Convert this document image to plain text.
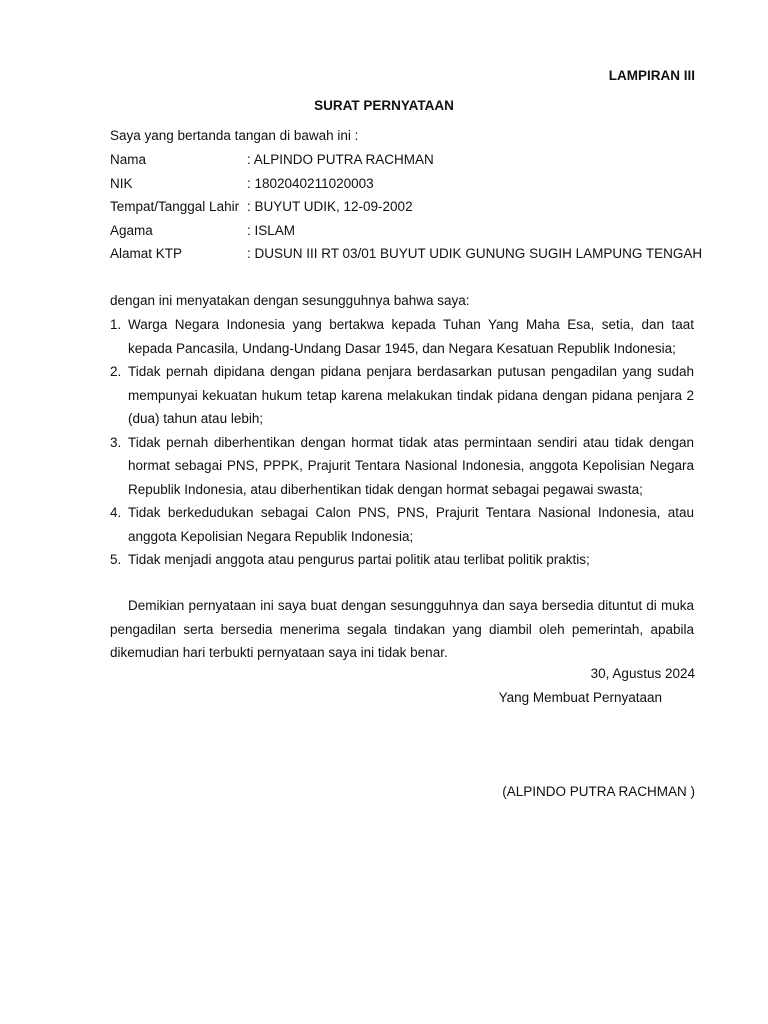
LAMPIRAN III
SURAT PERNYATAAN
Saya yang bertanda tangan di bawah ini :
Nama	: ALPINDO PUTRA RACHMAN
NIK	: 1802040211020003
Tempat/Tanggal Lahir : BUYUT UDIK, 12-09-2002
Agama	: ISLAM
Alamat KTP	: DUSUN III RT 03/01 BUYUT UDIK GUNUNG SUGIH LAMPUNG TENGAH
dengan ini menyatakan dengan sesungguhnya bahwa saya:
1. Warga Negara Indonesia yang bertakwa kepada Tuhan Yang Maha Esa, setia, dan taat kepada Pancasila, Undang-Undang Dasar 1945, dan Negara Kesatuan Republik Indonesia;
2. Tidak pernah dipidana dengan pidana penjara berdasarkan putusan pengadilan yang sudah mempunyai kekuatan hukum tetap karena melakukan tindak pidana dengan pidana penjara 2 (dua) tahun atau lebih;
3. Tidak pernah diberhentikan dengan hormat tidak atas permintaan sendiri atau tidak dengan hormat sebagai PNS, PPPK, Prajurit Tentara Nasional Indonesia, anggota Kepolisian Negara Republik Indonesia, atau diberhentikan tidak dengan hormat sebagai pegawai swasta;
4. Tidak berkedudukan sebagai Calon PNS, PNS, Prajurit Tentara Nasional Indonesia, atau anggota Kepolisian Negara Republik Indonesia;
5. Tidak menjadi anggota atau pengurus partai politik atau terlibat politik praktis;

Demikian pernyataan ini saya buat dengan sesungguhnya dan saya bersedia dituntut di muka pengadilan serta bersedia menerima segala tindakan yang diambil oleh pemerintah, apabila dikemudian hari terbukti pernyataan saya ini tidak benar.

30, Agustus 2024
Yang Membuat Pernyataan
(ALPINDO PUTRA RACHMAN )
